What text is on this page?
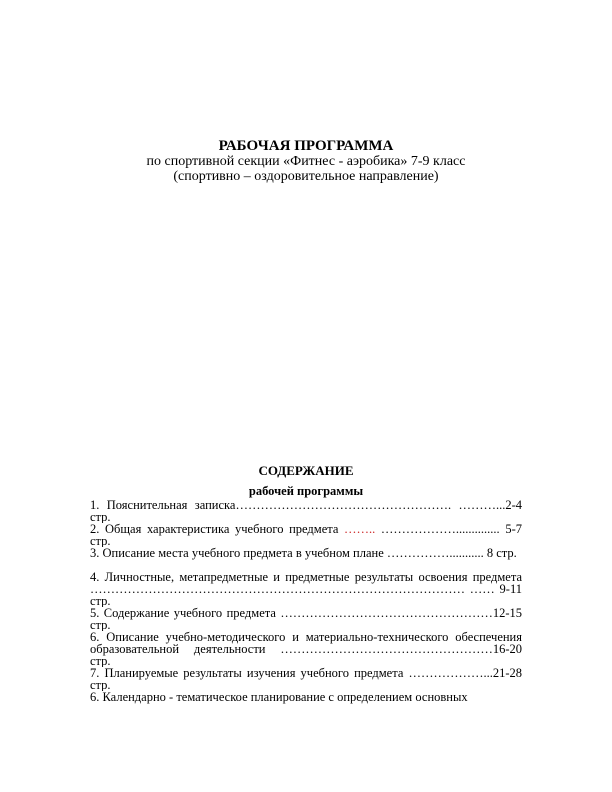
РАБОЧАЯ ПРОГРАММА

по спортивной секции «Фитнес - аэробика» 7-9 класс

(спортивно – оздоровительное направление)

СОДЕРЖАНИЕ

рабочей программы

1. Пояснительная записка……………………………………………. ………...2-4 стр.

2. Общая характеристика учебного предмета …….. ……………….............. 5-7 стр.

3. Описание места учебного предмета в учебном плане ……………........... 8 стр.

4. Личностные, метапредметные и предметные результаты освоения предмета ……………………………………………………………………………… …… 9-11 стр.

5. Содержание учебного предмета ……………………………………………12-15 стр.

6. Описание учебно-методического и материально-технического обеспечения образовательной деятельности ……………………………………………16-20 стр.

7. Планируемые результаты изучения учебного предмета ………………...21-28 стр.

6. Календарно - тематическое планирование с определением основных
